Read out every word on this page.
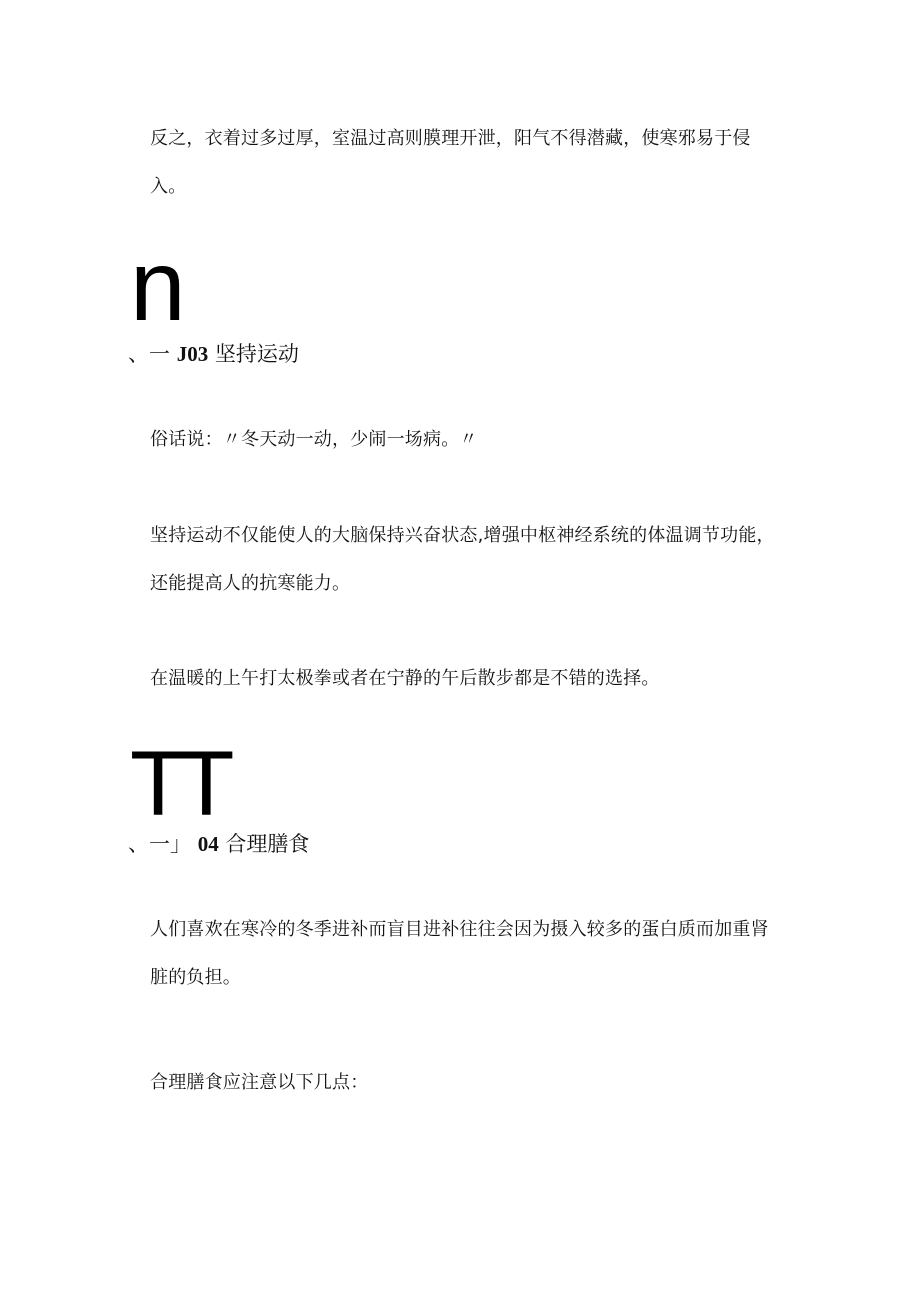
反之，衣着过多过厚，室温过高则膜理开泄，阳气不得潜藏，使寒邪易于侵入。

n
、一 J03 坚持运动

俗话说：〃冬天动一动，少闹一场病。〃

坚持运动不仅能使人的大脑保持兴奋状态,增强中枢神经系统的体温调节功能，还能提高人的抗寒能力。

在温暖的上午打太极拳或者在宁静的午后散步都是不错的选择。

TT
、一」 04 合理膳食

人们喜欢在寒冷的冬季进补而盲目进补往往会因为摄入较多的蛋白质而加重肾脏的负担。

合理膳食应注意以下几点：
